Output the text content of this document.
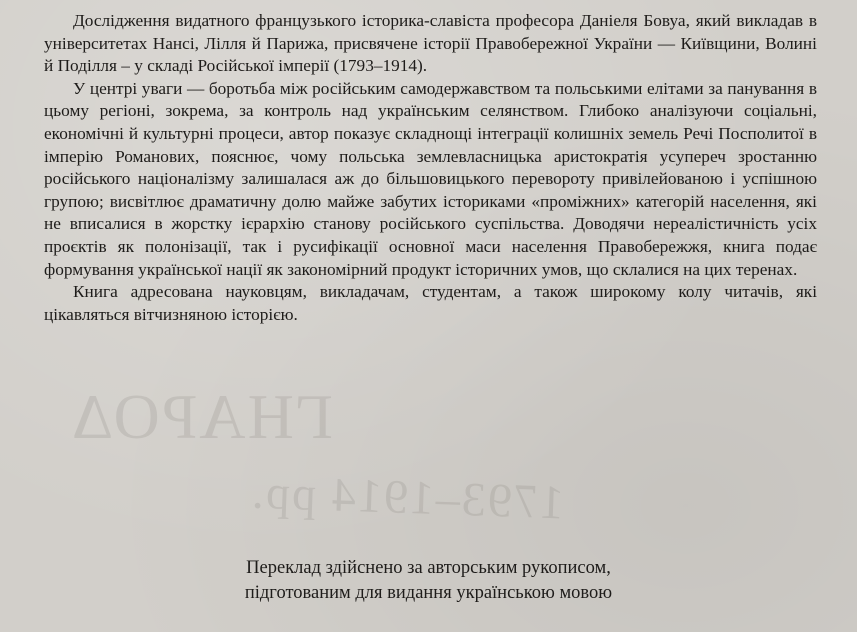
ΓΗΑΡΟΔ
1793–1914 pp.

Дослідження видатного французького історика-славіста професора Даніеля Бовуа, який викладав в університетах Нансі, Лілля й Парижа, присвячене історії Правобережної України — Київщини, Волині й Поділля – у складі Російської імперії (1793–1914).

У центрі уваги — боротьба між російським самодержавством та польськими елітами за панування в цьому регіоні, зокрема, за контроль над українським селянством. Глибоко аналізуючи соціальні, економічні й культурні процеси, автор показує складнощі інтеграції колишніх земель Речі Посполитої в імперію Романових, пояснює, чому польська землевласницька аристократія усупереч зростанню російського націоналізму залишалася аж до більшовицького перевороту привілейованою і успішною групою; висвітлює драматичну долю майже забутих істориками «проміжних» категорій населення, які не вписалися в жорстку ієрархію станову російського суспільства. Доводячи нереалістичність усіх проєктів як полонізації, так і русифікації основної маси населення Правобережжя, книга подає формування української нації як закономірний продукт історичних умов, що склалися на цих теренах.

Книга адресована науковцям, викладачам, студентам, а також широкому колу читачів, які цікавляться вітчизняною історією.

Переклад здійснено за авторським рукописом,
підготованим для видання українською мовою
